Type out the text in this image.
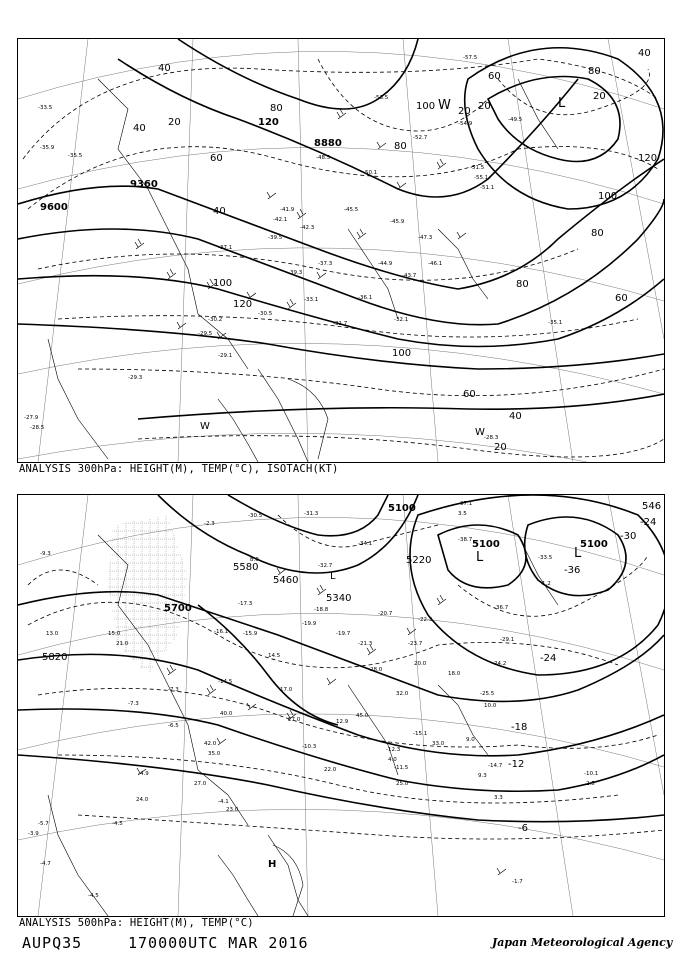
9600
9360
8880
120
40
20
60
80
100
120
100
80
60
40
20
80
100
80
60
40
20
40
20
100
120
80
60
20
40
W	L
W
W
-33.5
-35.9
-35.5
-37.1
-39.5
-41.9
-42.3
-45.5
-45.9
-47.3
-48.5
-49.5
-50.1
-51.1
-52.7
-53.5
-54.9
-55.1
-39.3
-36.1
-35.1
-32.1
-31.7
-33.1
-30.5
-30.2
-29.5
-29.3
-29.1
-28.5
-28.3
-27.9
-37.3
-42.1
-43.7
-44.9	-46.1
-57.5
-51.5
ANALYSIS 300hPa: HEIGHT(M), TEMP(°C), ISOTACH(KT)
5820
5700
5580
5460
5340
5220
5100
5100	5100
546
-24
-30
-36
-24
-18
-12
-6
L	L
L
H
-9.3
-7.3
-5.7
-4.5
-4.9
-3.9
-4.7
-4.5
-4.1
-6.5
-7.3
-10.3
-11.5
-12.3
-14.5
-14.7
-15.1
-16.1
-17.3
-18.8
-19.7
-20.7
-21.3	-23.7
-24.2
-25.5
-29.1
-30.5	-31.3
-32.7
-33.5
-34.1
-36.7
-37.1
-38.7
-15.9
-10.1
-1.7
-2.3
-19.9
-22.3
13.0	15.0
21.0
27.0
35.0
42.0
45.0
22.0
23.0
24.0
25.0
27.0
33.0
40.0
10.0
18.0
20.0
9.0
9.3
2.5
3.5
1.2
3.3
8.0
14.5
17.0
28.0
32.0
12.9
4.0
ANALYSIS 500hPa: HEIGHT(M), TEMP(°C)
AUPQ35	170000UTC MAR 2016	Japan Meteorological Agency
